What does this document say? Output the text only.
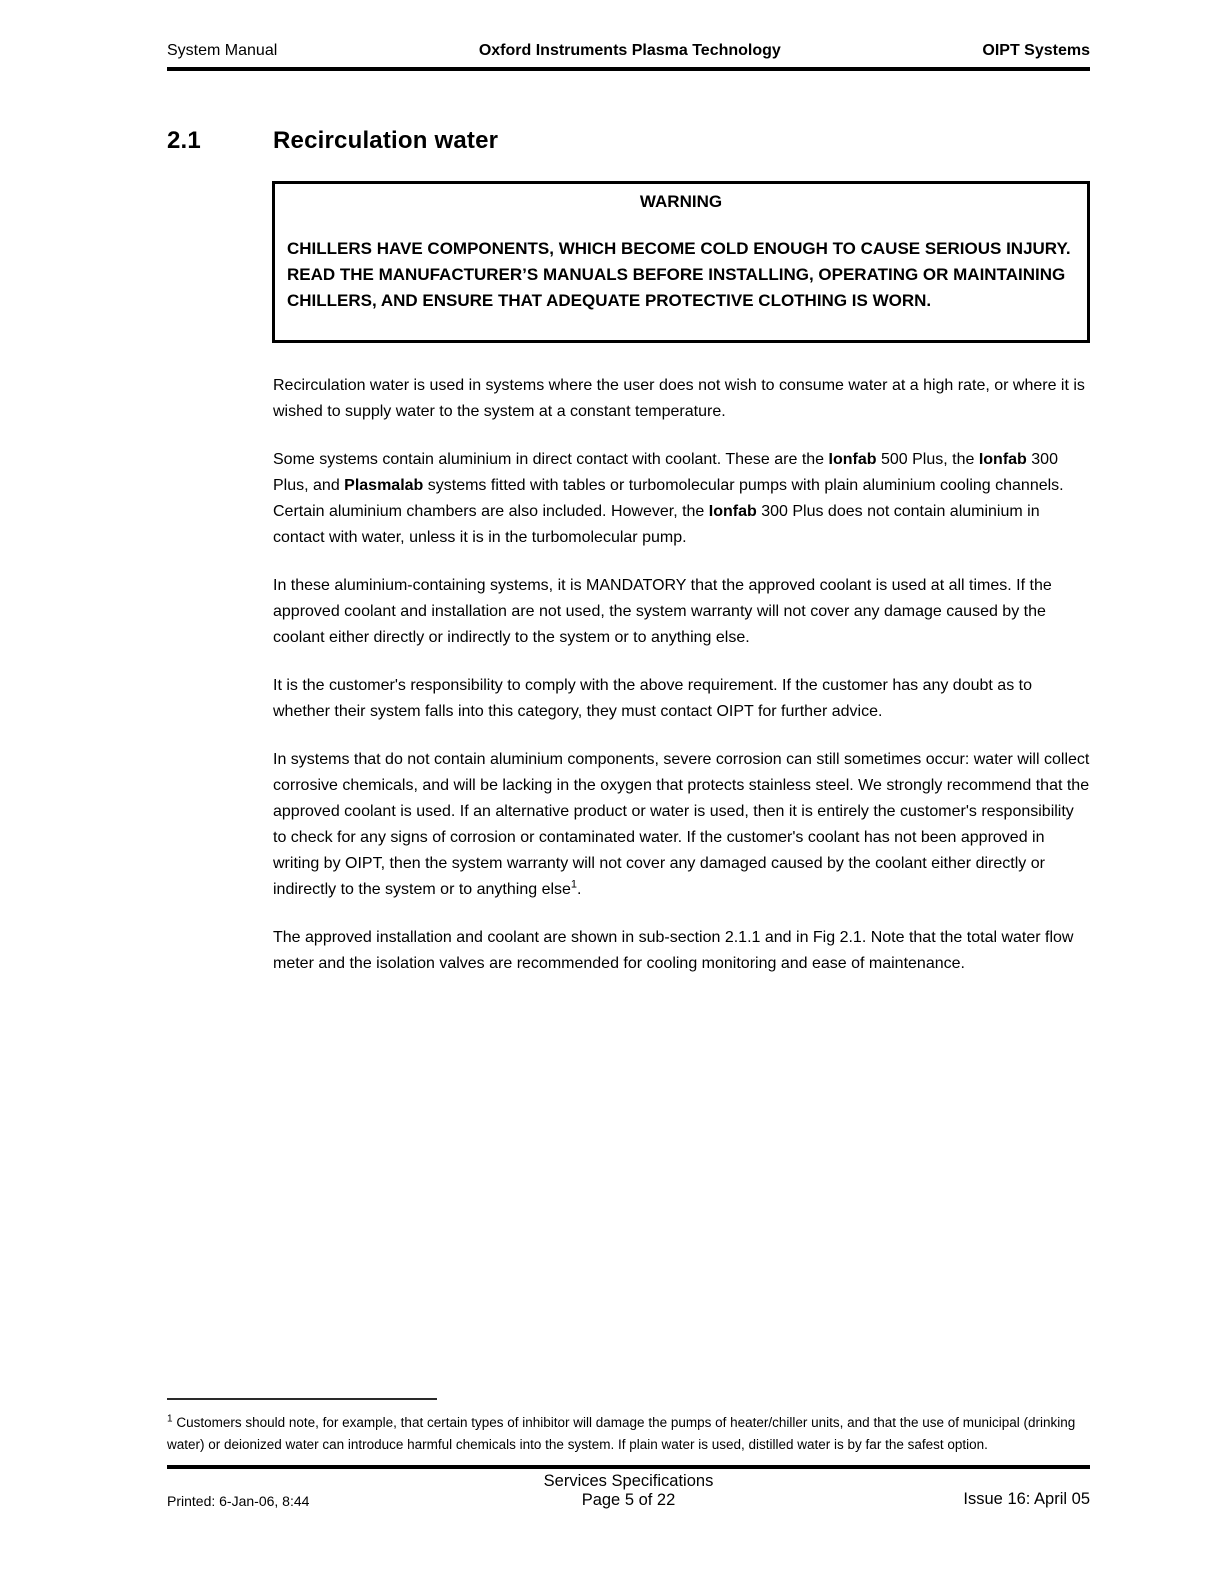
System Manual	Oxford Instruments Plasma Technology	OIPT Systems
2.1	Recirculation water
WARNING
CHILLERS HAVE COMPONENTS, WHICH BECOME COLD ENOUGH TO CAUSE SERIOUS INJURY. READ THE MANUFACTURER’S MANUALS BEFORE INSTALLING, OPERATING OR MAINTAINING CHILLERS, AND ENSURE THAT ADEQUATE PROTECTIVE CLOTHING IS WORN.

Recirculation water is used in systems where the user does not wish to consume water at a high rate, or where it is wished to supply water to the system at a constant temperature.

Some systems contain aluminium in direct contact with coolant. These are the Ionfab 500 Plus, the Ionfab 300 Plus, and Plasmalab systems fitted with tables or turbomolecular pumps with plain aluminium cooling channels. Certain aluminium chambers are also included. However, the Ionfab 300 Plus does not contain aluminium in contact with water, unless it is in the turbomolecular pump.

In these aluminium-containing systems, it is MANDATORY that the approved coolant is used at all times. If the approved coolant and installation are not used, the system warranty will not cover any damage caused by the coolant either directly or indirectly to the system or to anything else.

It is the customer's responsibility to comply with the above requirement. If the customer has any doubt as to whether their system falls into this category, they must contact OIPT for further advice.

In systems that do not contain aluminium components, severe corrosion can still sometimes occur: water will collect corrosive chemicals, and will be lacking in the oxygen that protects stainless steel. We strongly recommend that the approved coolant is used. If an alternative product or water is used, then it is entirely the customer's responsibility to check for any signs of corrosion or contaminated water. If the customer's coolant has not been approved in writing by OIPT, then the system warranty will not cover any damaged caused by the coolant either directly or indirectly to the system or to anything else$^1$.

The approved installation and coolant are shown in sub-section 2.1.1 and in Fig 2.1. Note that the total water flow meter and the isolation valves are recommended for cooling monitoring and ease of maintenance.

$^1$ Customers should note, for example, that certain types of inhibitor will damage the pumps of heater/chiller units, and that the use of municipal (drinking water) or deionized water can introduce harmful chemicals into the system. If plain water is used, distilled water is by far the safest option.

Printed: 6-Jan-06, 8:44
Services Specifications
Page 5 of 22	Issue 16: April 05
